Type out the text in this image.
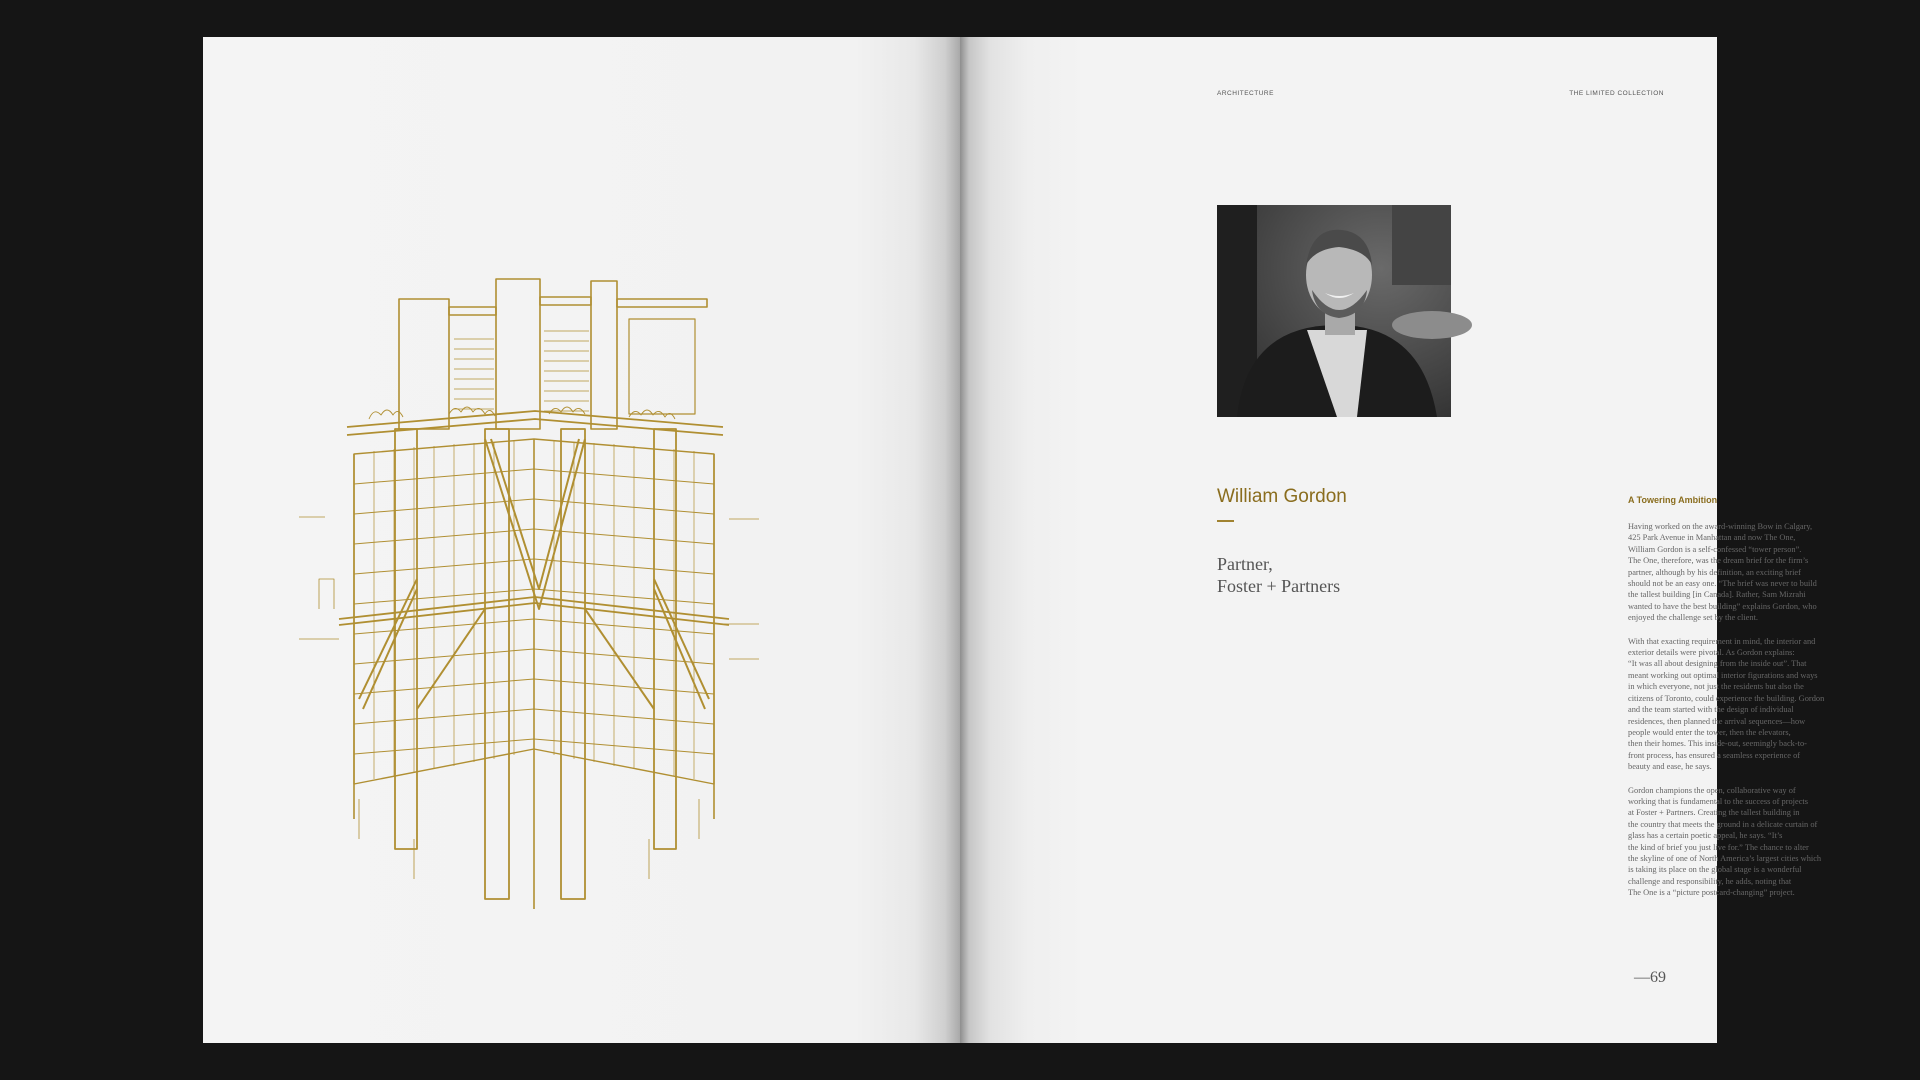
ARCHITECTURE	THE LIMITED COLLECTION
William Gordon
Partner,
Foster + Partners
A Towering Ambition

Having worked on the award-winning Bow in Calgary,
425 Park Avenue in Manhattan and now The One,
William Gordon is a self-confessed “tower person”.
The One, therefore, was the dream brief for the firm’s
partner, although by his definition, an exciting brief
should not be an easy one. “The brief was never to build
the tallest building [in Canada]. Rather, Sam Mizrahi
wanted to have the best building” explains Gordon, who
enjoyed the challenge set by the client.

With that exacting requirement in mind, the interior and
exterior details were pivotal. As Gordon explains:
“It was all about designing from the inside out”. That
meant working out optimal interior figurations and ways
in which everyone, not just the residents but also the
citizens of Toronto, could experience the building. Gordon
and the team started with the design of individual
residences, then planned the arrival sequences—how
people would enter the tower, then the elevators,
then their homes. This inside-out, seemingly back-to-
front process, has ensured a seamless experience of
beauty and ease, he says.

Gordon champions the open, collaborative way of
working that is fundamental to the success of projects
at Foster + Partners. Creating the tallest building in
the country that meets the ground in a delicate curtain of
glass has a certain poetic appeal, he says. “It’s
the kind of brief you just live for.” The chance to alter
the skyline of one of North America’s largest cities which
is taking its place on the global stage is a wonderful
challenge and responsibility, he adds, noting that
The One is a “picture postcard-changing” project.

—69
